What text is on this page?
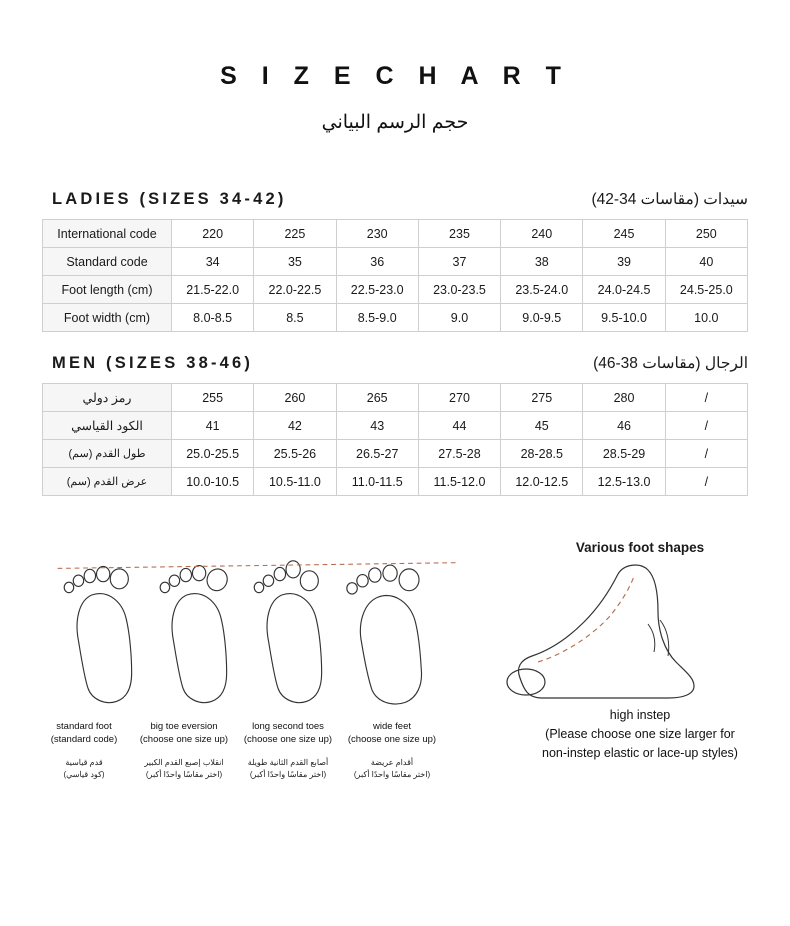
S I Z E C H A R T
حجم الرسم البياني
LADIES (SIZES 34-42)	سيدات (مقاسات 34-42)
International code	220	225	230	235	240	245	250
Standard code	34	35	36	37	38	39	40
Foot length (cm)	21.5-22.0	22.0-22.5	22.5-23.0	23.0-23.5	23.5-24.0	24.0-24.5	24.5-25.0
Foot width (cm)	8.0-8.5	8.5	8.5-9.0	9.0	9.0-9.5	9.5-10.0	10.0
MEN (SIZES 38-46)	الرجال (مقاسات 38-46)
رمز دولي	255	260	265	270	275	280	/
الكود القياسي	41	42	43	44	45	46	/
طول القدم (سم)	25.0-25.5	25.5-26	26.5-27	27.5-28	28-28.5	28.5-29	/
عرض القدم (سم)	10.0-10.5	10.5-11.0	11.0-11.5	11.5-12.0	12.0-12.5	12.5-13.0	/
standard foot
(standard code)
قدم قياسية
(كود قياسي)
big toe eversion
(choose one size up)
انقلاب إصبع القدم الكبير
(اختر مقاسًا واحدًا أكبر)
long second toes
(choose one size up)
أصابع القدم الثانية طويلة
(اختر مقاسًا واحدًا أكبر)
wide feet
(choose one size up)
أقدام عريضة
(اختر مقاسًا واحدًا أكبر)
Various foot shapes
high instep
(Please choose one size larger for
non-instep elastic or lace-up styles)
